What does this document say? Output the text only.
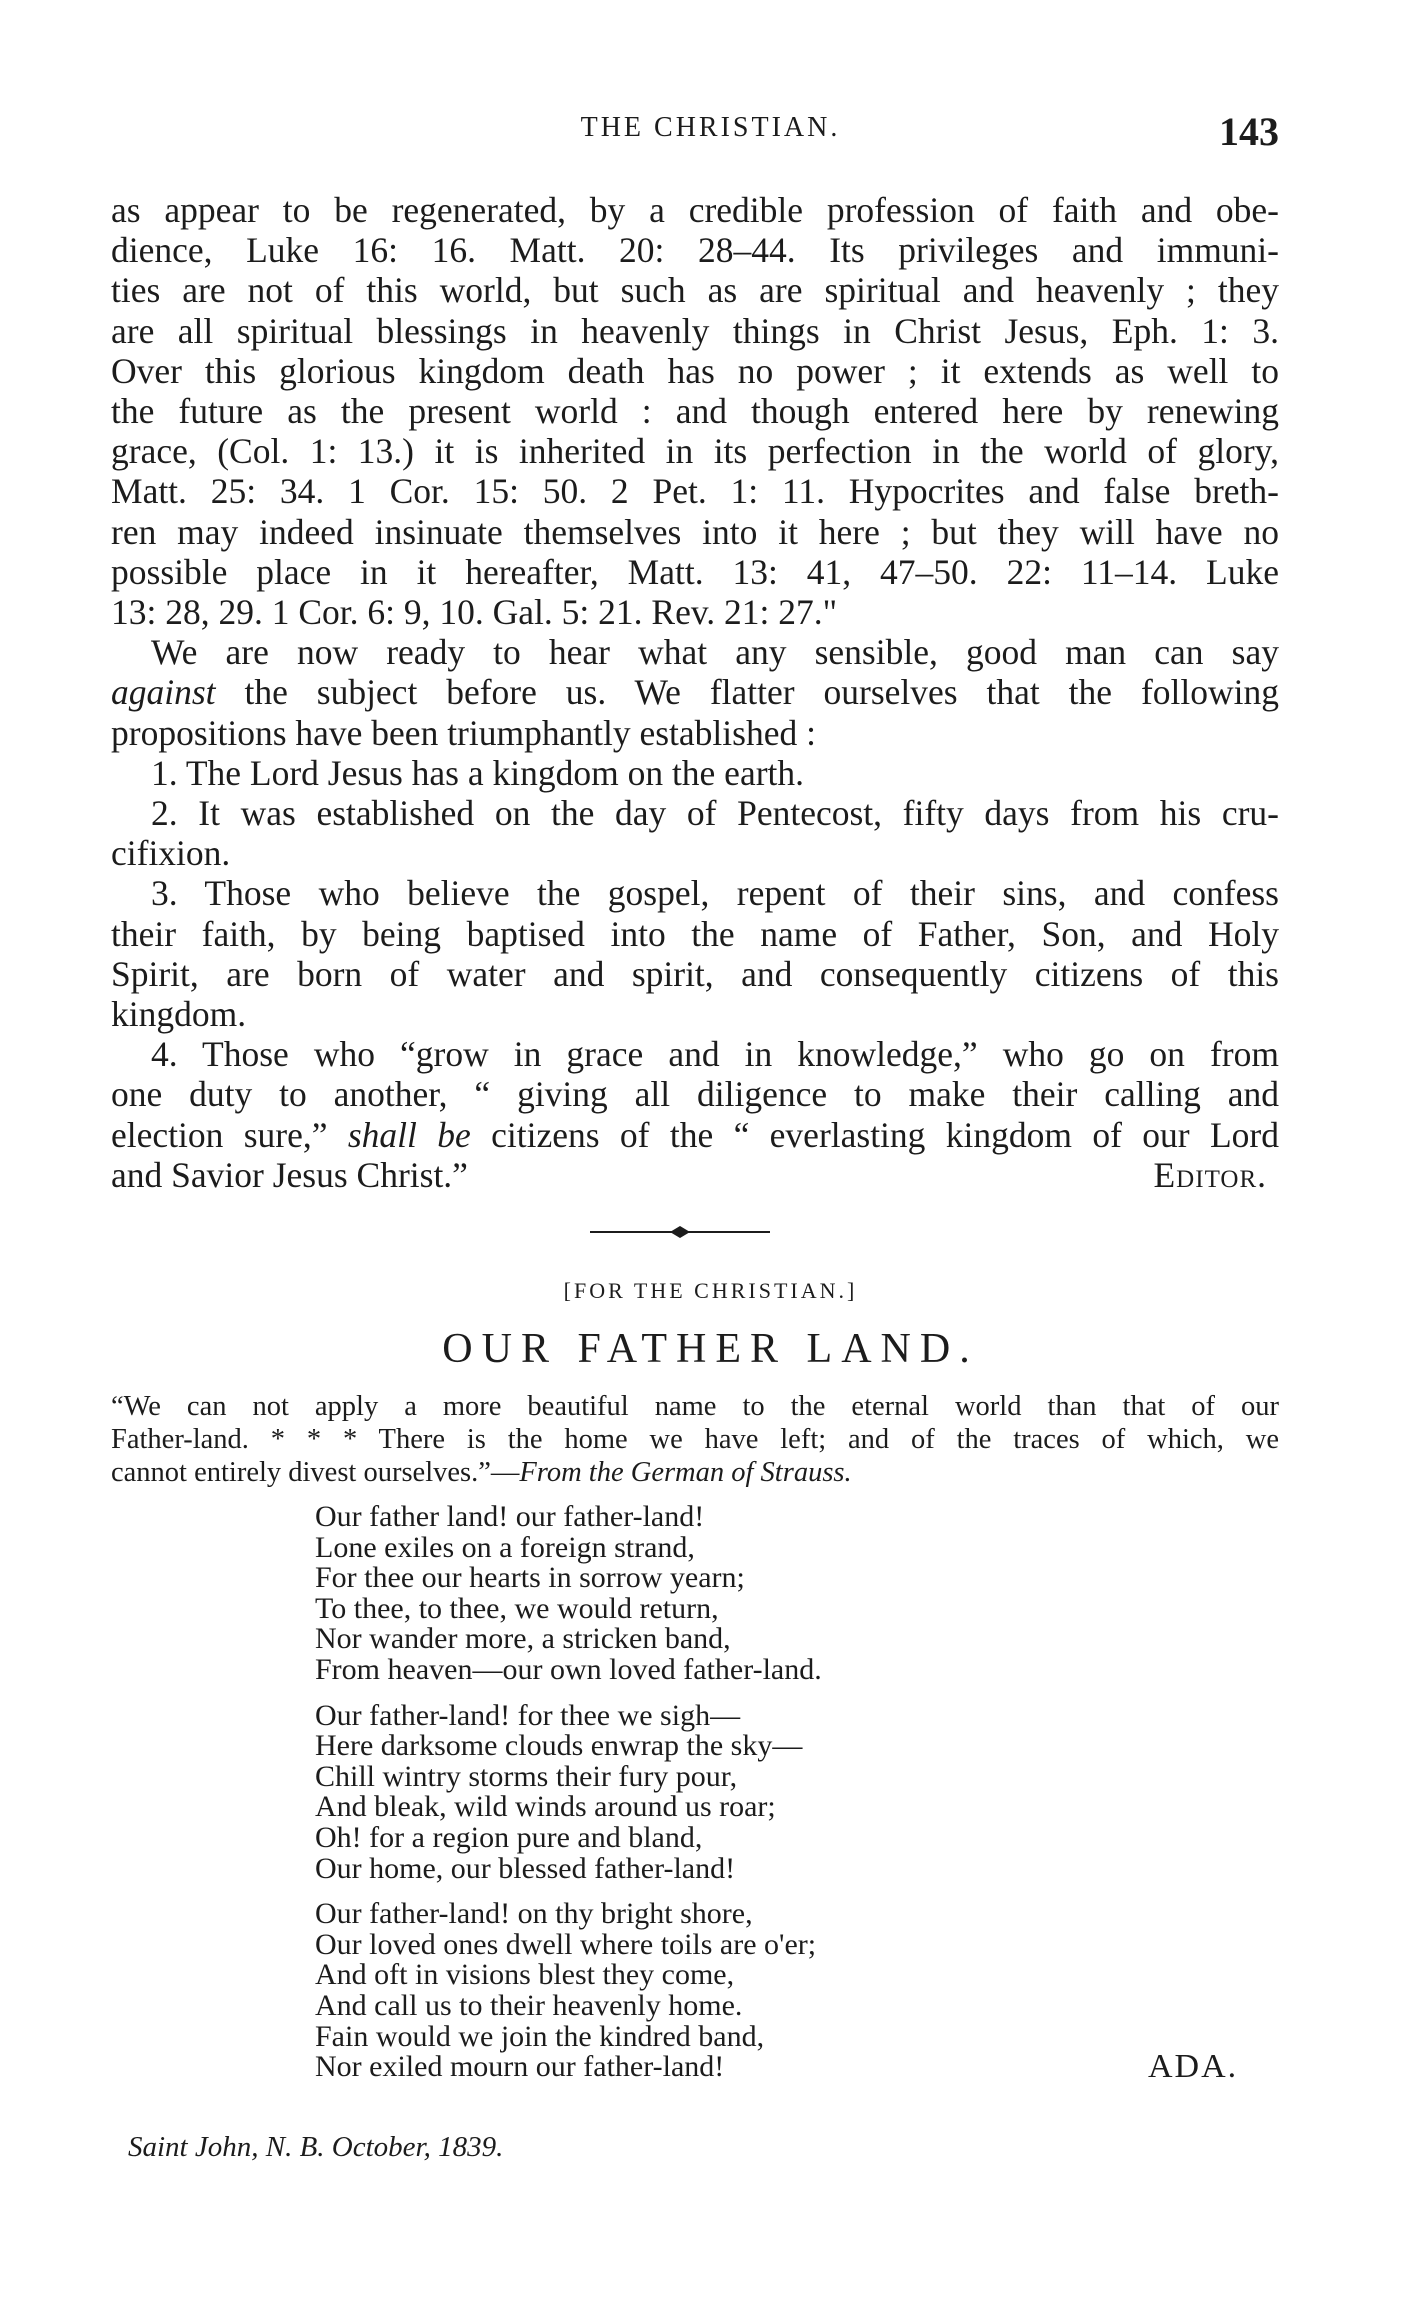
THE CHRISTIAN.	143

as appear to be regenerated, by a credible profession of faith and obe-

dience, Luke 16: 16. Matt. 20: 28–44. Its privileges and immuni-

ties are not of this world, but such as are spiritual and heavenly ; they

are all spiritual blessings in heavenly things in Christ Jesus, Eph. 1: 3.

Over this glorious kingdom death has no power ; it extends as well to

the future as the present world : and though entered here by renewing

grace, (Col. 1: 13.) it is inherited in its perfection in the world of glory,

Matt. 25: 34. 1 Cor. 15: 50. 2 Pet. 1: 11. Hypocrites and false breth-

ren may indeed insinuate themselves into it here ; but they will have no

possible place in it hereafter, Matt. 13: 41, 47–50. 22: 11–14. Luke

13: 28, 29. 1 Cor. 6: 9, 10. Gal. 5: 21. Rev. 21: 27."

We are now ready to hear what any sensible, good man can say

against the subject before us. We flatter ourselves that the following

propositions have been triumphantly established :

1. The Lord Jesus has a kingdom on the earth.

2. It was established on the day of Pentecost, fifty days from his cru-

cifixion.

3. Those who believe the gospel, repent of their sins, and confess

their faith, by being baptised into the name of Father, Son, and Holy

Spirit, are born of water and spirit, and consequently citizens of this

kingdom.

4. Those who “grow in grace and in knowledge,” who go on from

one duty to another, “ giving all diligence to make their calling and

election sure,” shall be citizens of the “ everlasting kingdom of our Lord

and Savior Jesus Christ.”	Editor.
[FOR THE CHRISTIAN.]
OUR FATHER LAND.

“We can not apply a more beautiful name to the eternal world than that of our

Father-land. * * * There is the home we have left; and of the traces of which, we

cannot entirely divest ourselves.”—From the German of Strauss.

Our father land! our father-land!
Lone exiles on a foreign strand,
For thee our hearts in sorrow yearn;
To thee, to thee, we would return,
Nor wander more, a stricken band,
From heaven—our own loved father-land.
Our father-land! for thee we sigh—
Here darksome clouds enwrap the sky—
Chill wintry storms their fury pour,
And bleak, wild winds around us roar;
Oh! for a region pure and bland,
Our home, our blessed father-land!
Our father-land! on thy bright shore,
Our loved ones dwell where toils are o'er;
And oft in visions blest they come,
And call us to their heavenly home.
Fain would we join the kindred band,
Nor exiled mourn our father-land!	ADA.
Saint John, N. B. October, 1839.
